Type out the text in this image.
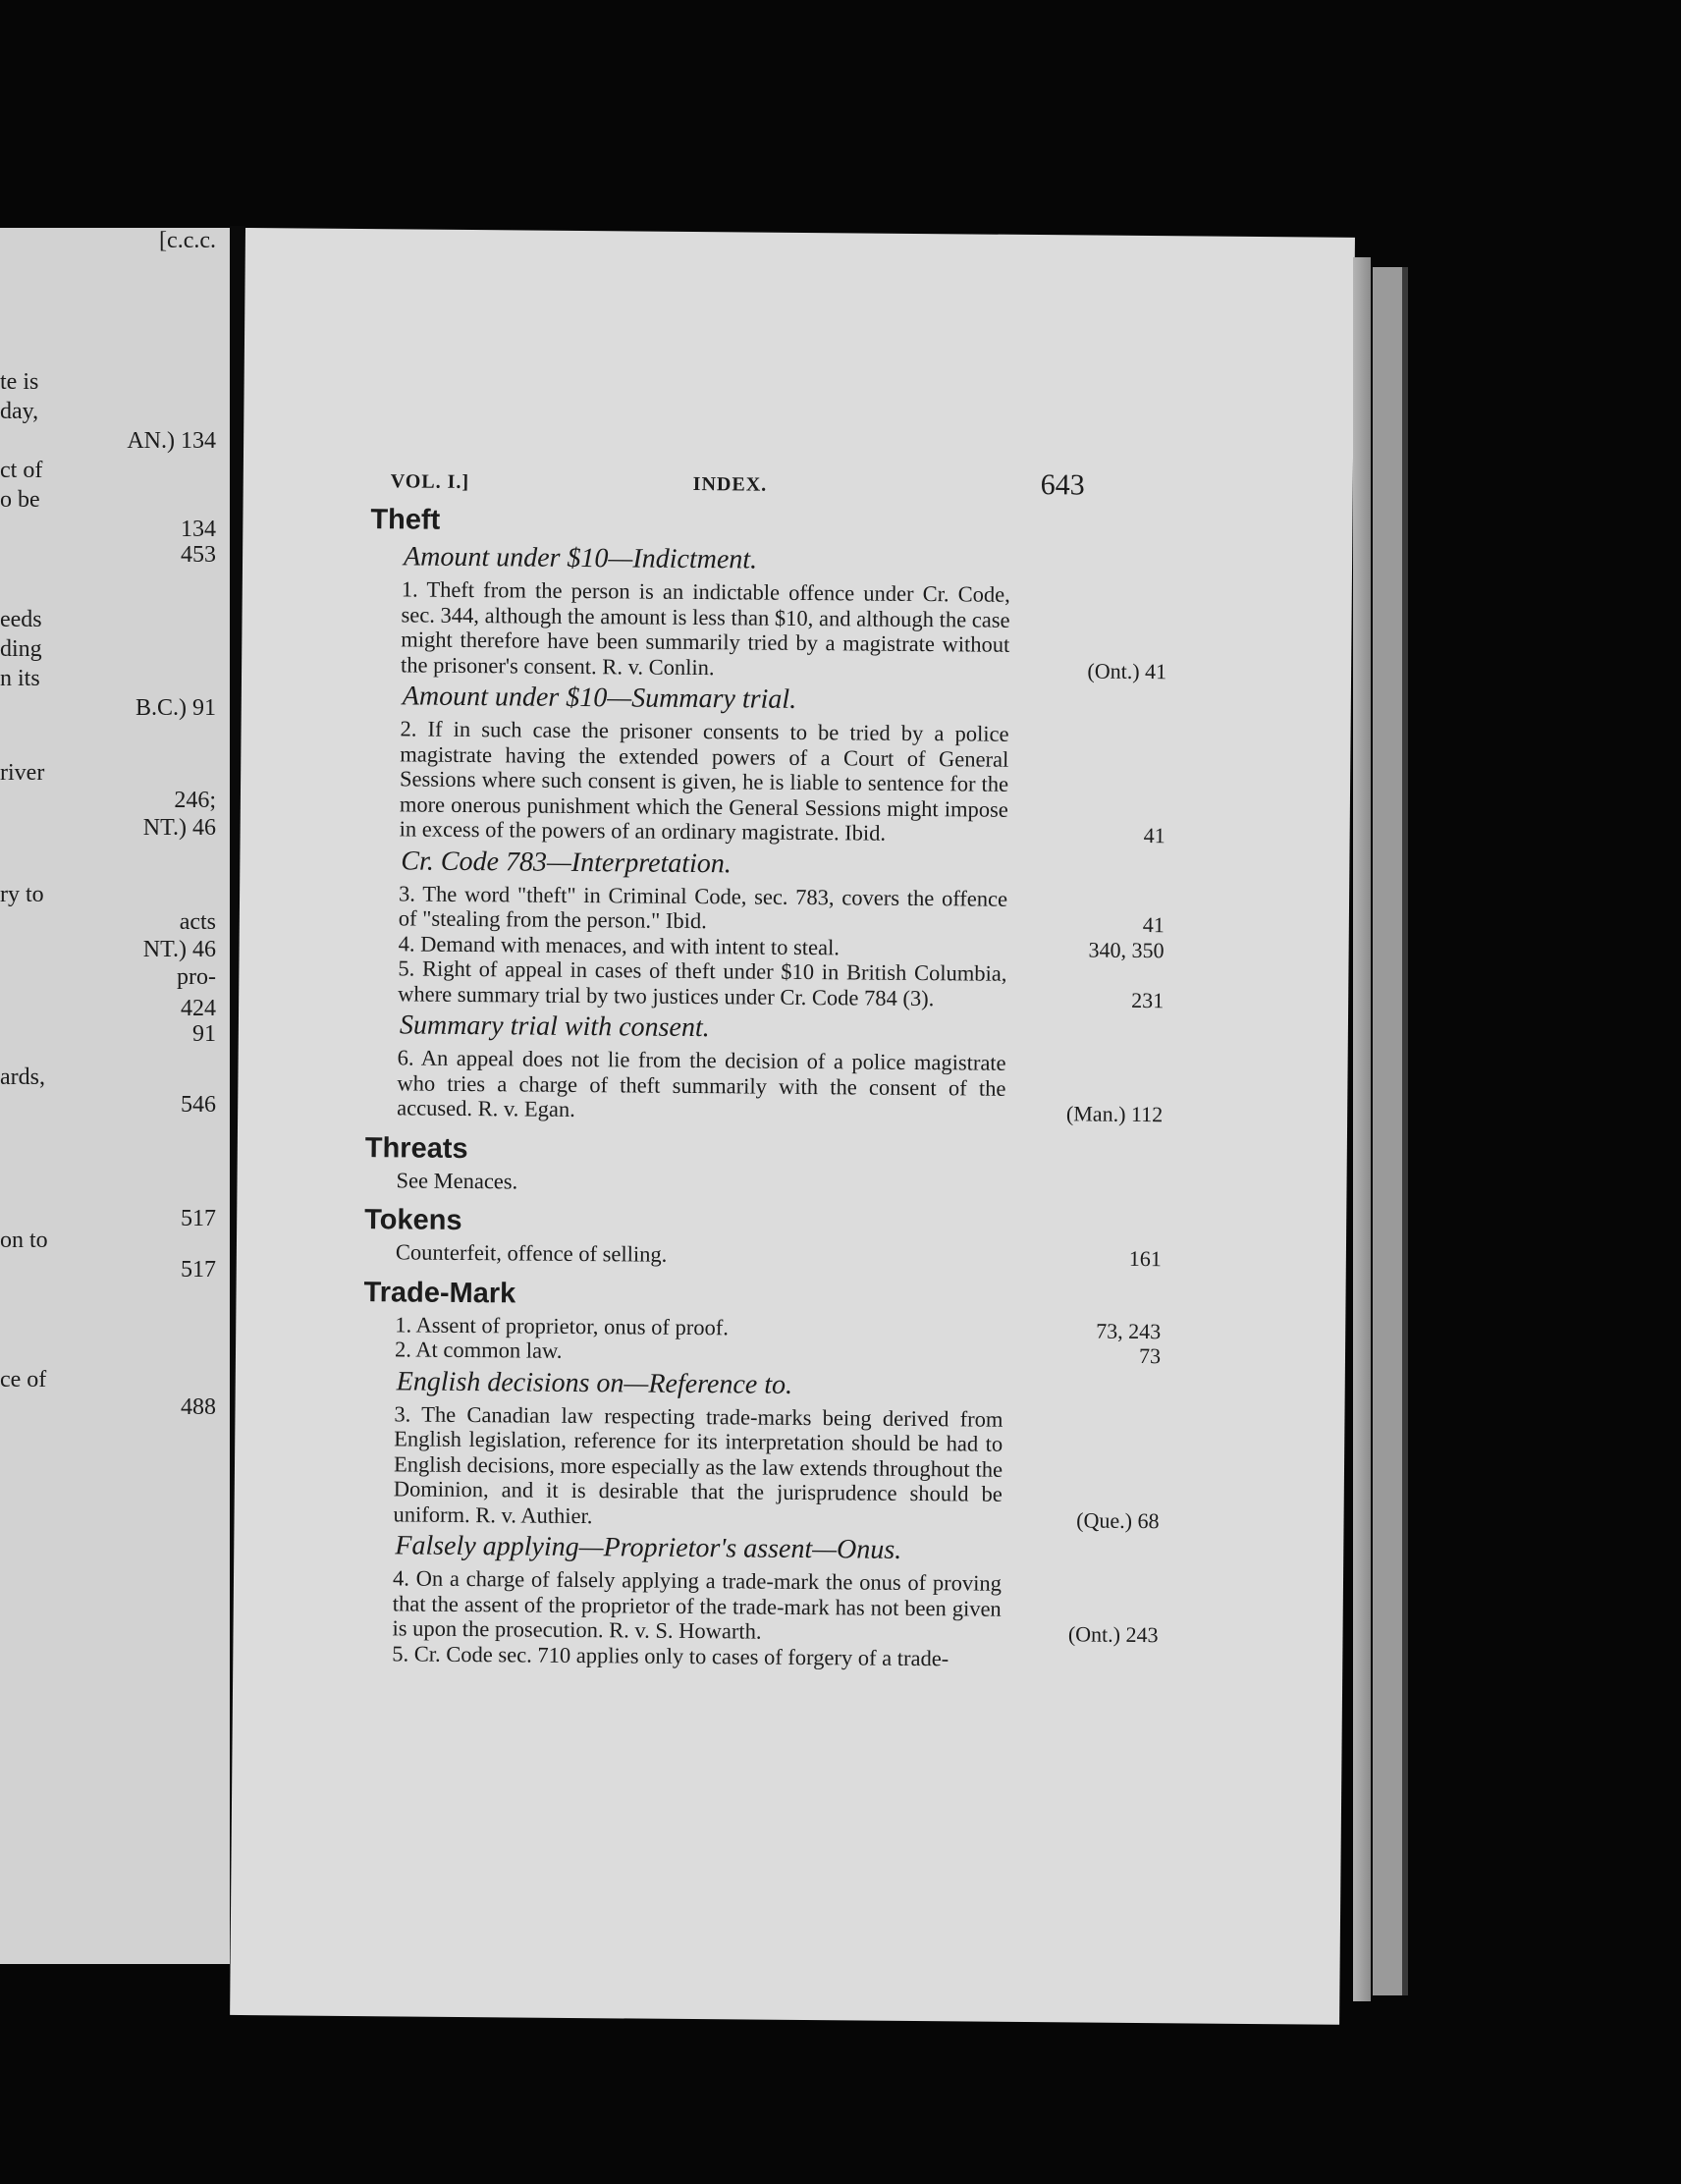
[c.c.c.
te is
day,
AN.) 134
ct of
o be
134
453
eeds
ding
n its
B.C.) 91
river
246;
NT.) 46
ry to
acts
NT.) 46
pro-
424
91
ards,
546
517
on to
517
ce of
488
VOL. I.]	INDEX.	643
Theft
Amount under $10—Indictment.
1. Theft from the person is an indictable offence under Cr. Code, sec. 344, although the amount is less than $10, and although the case might therefore have been summarily tried by a magistrate without the prisoner's consent. R. v. Conlin.	(Ont.) 41
Amount under $10—Summary trial.
2. If in such case the prisoner consents to be tried by a police magistrate having the extended powers of a Court of General Sessions where such consent is given, he is liable to sentence for the more onerous punishment which the General Sessions might impose in excess of the powers of an ordinary magistrate. Ibid.	41
Cr. Code 783—Interpretation.
3. The word "theft" in Criminal Code, sec. 783, covers the offence of "stealing from the person." Ibid.	41
4. Demand with menaces, and with intent to steal.	340, 350
5. Right of appeal in cases of theft under $10 in British Columbia, where summary trial by two justices under Cr. Code 784 (3).	231
Summary trial with consent.
6. An appeal does not lie from the decision of a police magistrate who tries a charge of theft summarily with the consent of the accused. R. v. Egan.	(Man.) 112
Threats
See Menaces.
Tokens
Counterfeit, offence of selling.	161
Trade-Mark
1. Assent of proprietor, onus of proof.	73, 243
2. At common law.	73
English decisions on—Reference to.
3. The Canadian law respecting trade-marks being derived from English legislation, reference for its interpretation should be had to English decisions, more especially as the law extends throughout the Dominion, and it is desirable that the jurisprudence should be uniform. R. v. Authier.	(Que.) 68
Falsely applying—Proprietor's assent—Onus.
4. On a charge of falsely applying a trade-mark the onus of proving that the assent of the proprietor of the trade-mark has not been given is upon the prosecution. R. v. S. Howarth.	(Ont.) 243
5. Cr. Code sec. 710 applies only to cases of forgery of a trade-
